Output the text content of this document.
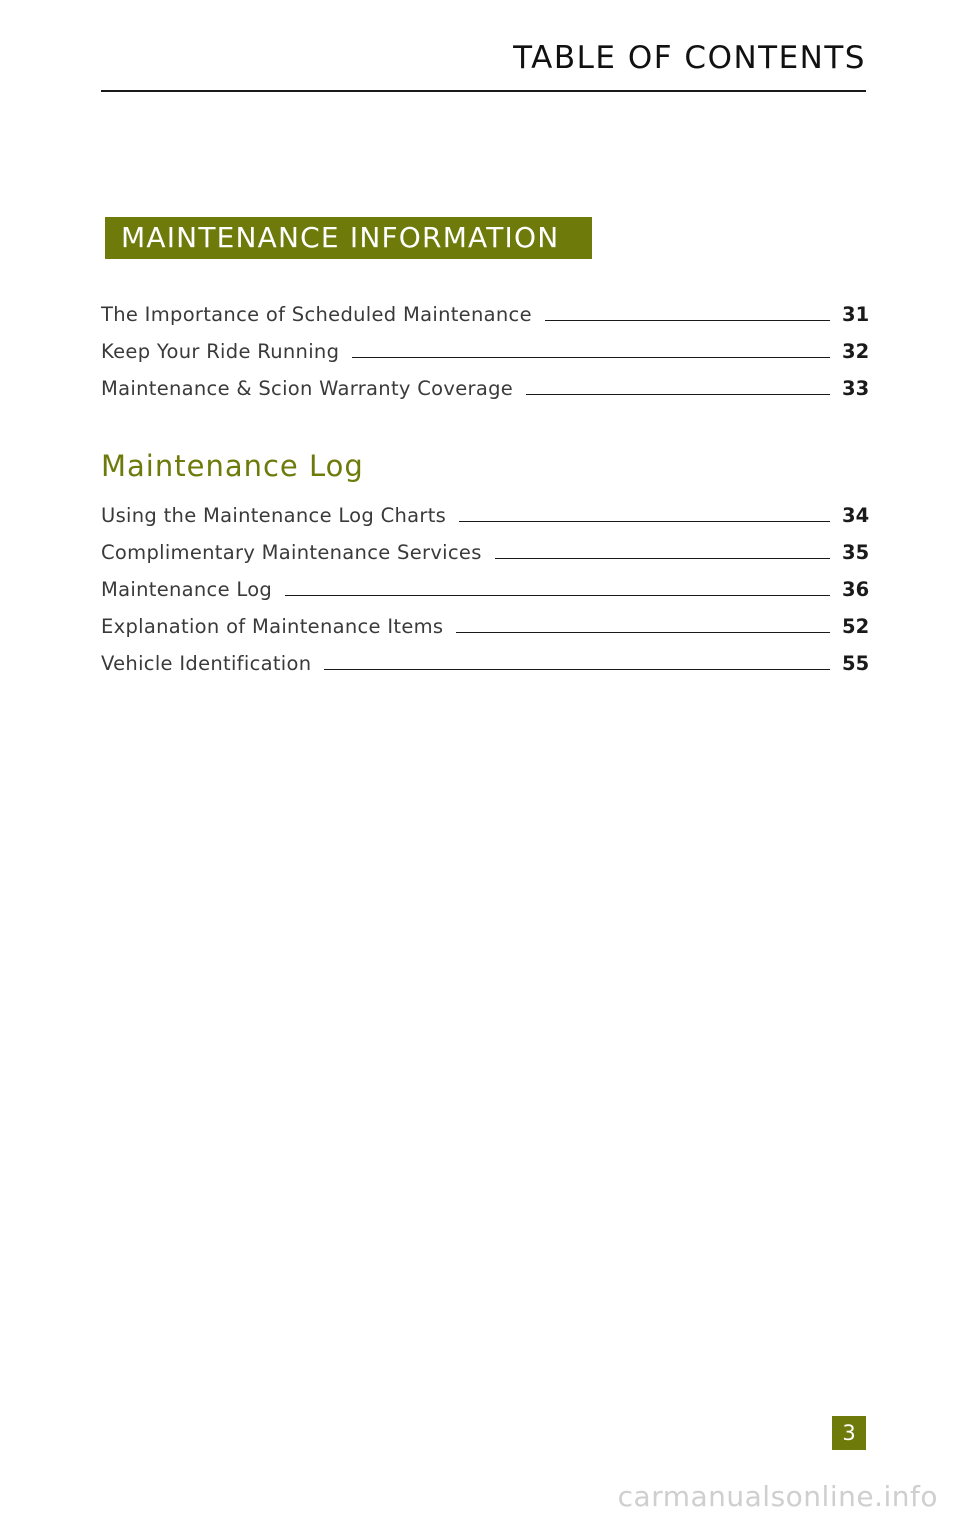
TABLE OF CONTENTS
MAINTENANCE INFORMATION
The Importance of Scheduled Maintenance	31
Keep Your Ride Running	32
Maintenance & Scion Warranty Coverage	33
Maintenance Log
Using the Maintenance Log Charts	34
Complimentary Maintenance Services	35
Maintenance Log	36
Explanation of Maintenance Items	52
Vehicle Identification	55
3
carmanualsonline.info
